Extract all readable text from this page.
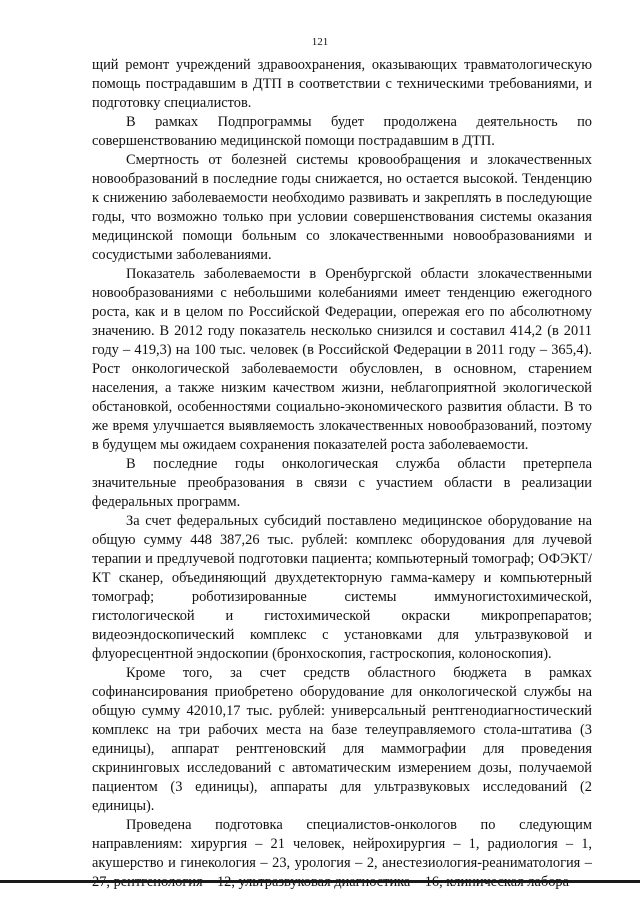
121

щий ремонт учреждений здравоохранения, оказывающих травматологическую помощь пострадавшим в ДТП в соответствии с техническими требованиями, и подготовку специалистов.

В рамках Подпрограммы будет продолжена деятельность по совершенствованию медицинской помощи пострадавшим в ДТП.

Смертность от болезней системы кровообращения и злокачественных новообразований в последние годы снижается, но остается высокой. Тенденцию к снижению заболеваемости необходимо развивать и закреплять в последующие годы, что возможно только при условии совершенствования системы оказания медицинской помощи больным со злокачественными новообразованиями и сосудистыми заболеваниями.

Показатель заболеваемости в Оренбургской области злокачественными новообразованиями с небольшими колебаниями имеет тенденцию ежегодного роста, как и в целом по Российской Федерации, опережая его по абсолютному значению. В 2012 году показатель несколько снизился и составил 414,2 (в 2011 году – 419,3) на 100 тыс. человек (в Российской Федерации в 2011 году – 365,4). Рост онкологической заболеваемости обусловлен, в основном, старением населения, а также низким качеством жизни, неблагоприятной экологической обстановкой, особенностями социально-экономического развития области. В то же время улучшается выявляемость злокачественных новообразований, поэтому в будущем мы ожидаем сохранения показателей роста заболеваемости.

В последние годы онкологическая служба области претерпела значительные преобразования в связи с участием области в реализации федеральных программ.

За счет федеральных субсидий поставлено медицинское оборудование на общую сумму 448 387,26 тыс. рублей: комплекс оборудования для лучевой терапии и предлучевой подготовки пациента; компьютерный томограф; ОФЭКТ/КТ сканер, объединяющий двухдетекторную гамма-камеру и компьютерный томограф; роботизированные системы иммуногистохимической, гистологической и гистохимической окраски микропрепаратов; видеоэндоскопический комплекс с установками для ультразвуковой и флуоресцентной эндоскопии (бронхоскопия, гастроскопия, колоноскопия).

Кроме того, за счет средств областного бюджета в рамках софинансирования приобретено оборудование для онкологической службы на общую сумму 42010,17 тыс. рублей: универсальный рентгенодиагностический комплекс на три рабочих места на базе телеуправляемого стола-штатива (3 единицы), аппарат рентгеновский для маммографии для проведения скрининговых исследований с автоматическим измерением дозы, получаемой пациентом (3 единицы), аппараты для ультразвуковых исследований (2 единицы).

Проведена подготовка специалистов-онкологов по следующим направлениям: хирургия – 21 человек, нейрохирургия – 1, радиология – 1, акушерство и гинекология – 23, урология – 2, анестезиология-реаниматология –
